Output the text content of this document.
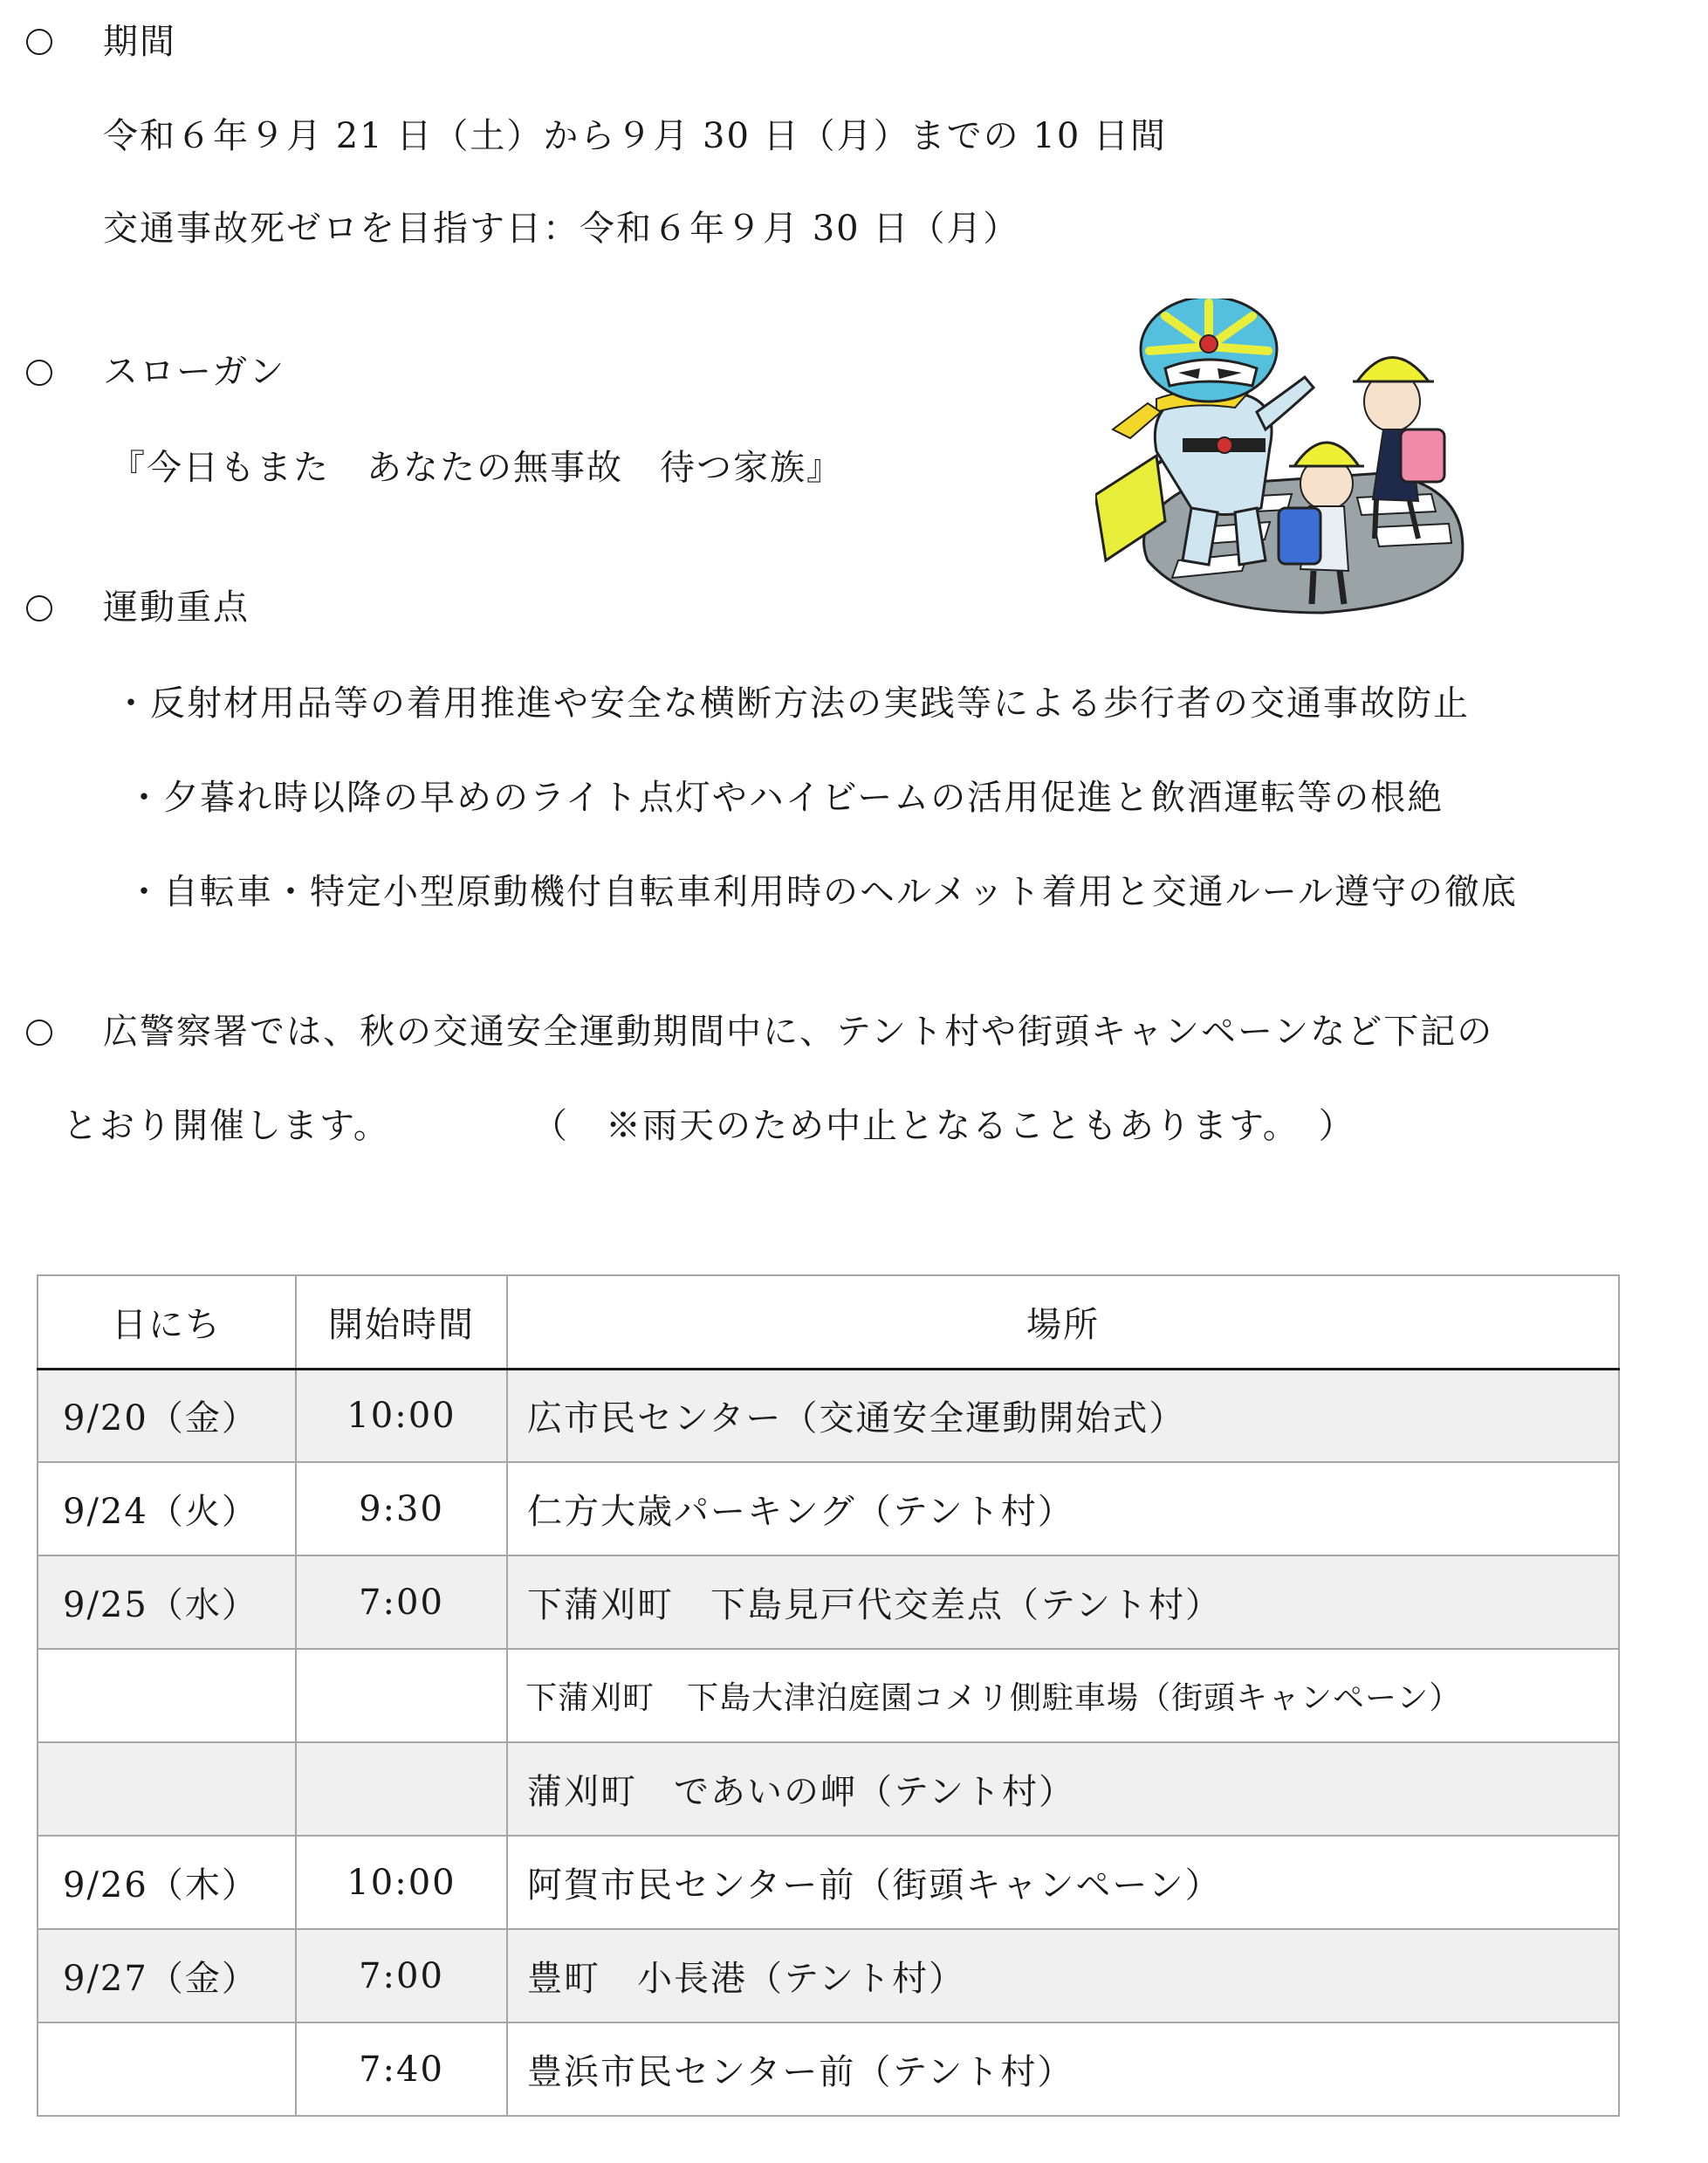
期間
令和６年９月 21 日（土）から９月 30 日（月）までの 10 日間
交通事故死ゼロを目指す日：令和６年９月 30 日（月）
スローガン
『今日もまた　あなたの無事故　待つ家族』
運動重点
・反射材用品等の着用推進や安全な横断方法の実践等による歩行者の交通事故防止
・夕暮れ時以降の早めのライト点灯やハイビームの活用促進と飲酒運転等の根絶
・自転車・特定小型原動機付自転車利用時のヘルメット着用と交通ルール遵守の徹底
広警察署では、秋の交通安全運動期間中に、テント村や街頭キャンペーンなど下記の
とおり開催します。	（　※雨天のため中止となることもあります。　）
日にち	開始時間	場所
9/20（金）	10:00	広市民センター（交通安全運動開始式）
9/24（火）	9:30	仁方大歳パーキング（テント村）
9/25（水）	7:00	下蒲刈町　下島見戸代交差点（テント村）
		下蒲刈町　下島大津泊庭園コメリ側駐車場（街頭キャンペーン）
		蒲刈町　であいの岬（テント村）
9/26（木）	10:00	阿賀市民センター前（街頭キャンペーン）
9/27（金）	7:00	豊町　小長港（テント村）
	7:40	豊浜市民センター前（テント村）
